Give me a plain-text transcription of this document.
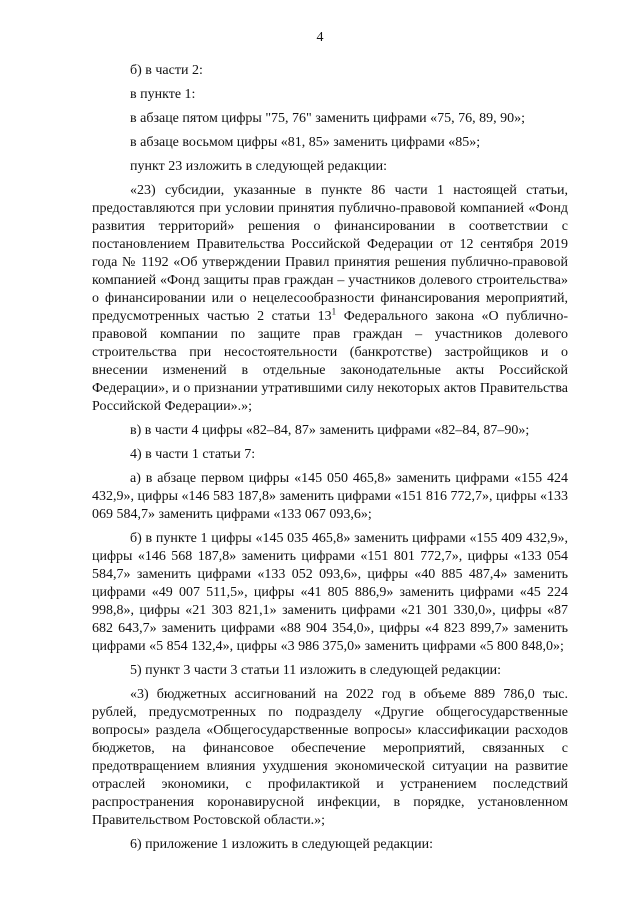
4

б) в части 2:

в пункте 1:

в абзаце пятом цифры "75, 76" заменить цифрами «75, 76, 89, 90»;

в абзаце восьмом цифры «81, 85» заменить цифрами «85»;

пункт 23 изложить в следующей редакции:

«23) субсидии, указанные в пункте 86 части 1 настоящей статьи, предоставляются при условии принятия публично-правовой компанией «Фонд развития территорий» решения о финансировании в соответствии с постановлением Правительства Российской Федерации от 12 сентября 2019 года № 1192 «Об утверждении Правил принятия решения публично-правовой компанией «Фонд защиты прав граждан – участников долевого строительства» о финансировании или о нецелесообразности финансирования мероприятий, предусмотренных частью 2 статьи $13^1$ Федерального закона «О публично-правовой компании по защите прав граждан – участников долевого строительства при несостоятельности (банкротстве) застройщиков и о внесении изменений в отдельные законодательные акты Российской Федерации», и о признании утратившими силу некоторых актов Правительства Российской Федерации».»;

в) в части 4 цифры «82–84, 87» заменить цифрами «82–84, 87–90»;

4) в части 1 статьи 7:

а) в абзаце первом цифры «145 050 465,8» заменить цифрами «155 424 432,9», цифры «146 583 187,8» заменить цифрами «151 816 772,7», цифры «133 069 584,7» заменить цифрами «133 067 093,6»;

б) в пункте 1 цифры «145 035 465,8» заменить цифрами «155 409 432,9», цифры «146 568 187,8» заменить цифрами «151 801 772,7», цифры «133 054 584,7» заменить цифрами «133 052 093,6», цифры «40 885 487,4» заменить цифрами «49 007 511,5», цифры «41 805 886,9» заменить цифрами «45 224 998,8», цифры «21 303 821,1» заменить цифрами «21 301 330,0», цифры «87 682 643,7» заменить цифрами «88 904 354,0», цифры «4 823 899,7» заменить цифрами «5 854 132,4», цифры «3 986 375,0» заменить цифрами «5 800 848,0»;

5) пункт 3 части 3 статьи 11 изложить в следующей редакции:

«3) бюджетных ассигнований на 2022 год в объеме 889 786,0 тыс. рублей, предусмотренных по подразделу «Другие общегосударственные вопросы» раздела «Общегосударственные вопросы» классификации расходов бюджетов, на финансовое обеспечение мероприятий, связанных с предотвращением влияния ухудшения экономической ситуации на развитие отраслей экономики, с профилактикой и устранением последствий распространения коронавирусной инфекции, в порядке, установленном Правительством Ростовской области.»;

6) приложение 1 изложить в следующей редакции:
